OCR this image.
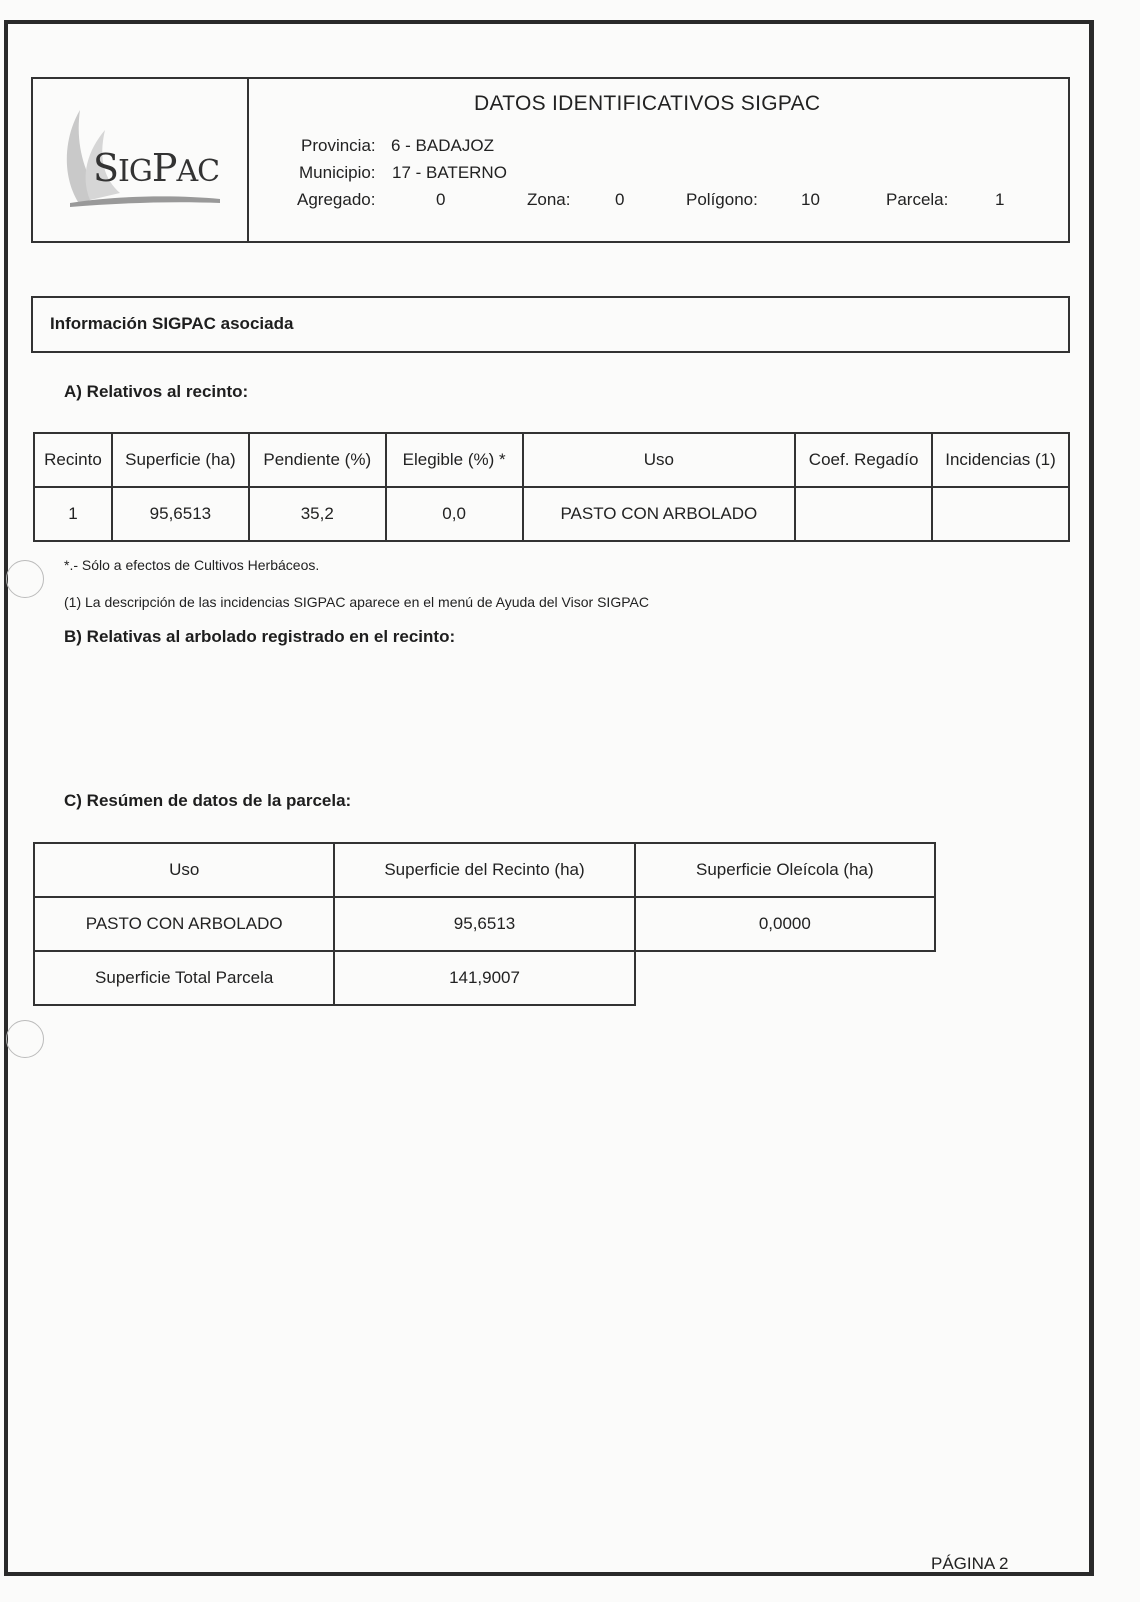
SIGPAC
DATOS IDENTIFICATIVOS SIGPAC
Provincia: 6 - BADAJOZ
Municipio: 17 - BATERNO
Agregado:	0	Zona:	0	Polígono:	10	Parcela:	1
Información SIGPAC asociada
A) Relativos al recinto:
Recinto	Superficie (ha)	Pendiente (%)	Elegible (%) *	Uso	Coef. Regadío	Incidencias (1)
1	95,6513	35,2	0,0	PASTO CON ARBOLADO		
*.- Sólo a efectos de Cultivos Herbáceos.
(1) La descripción de las incidencias SIGPAC aparece en el menú de Ayuda del Visor SIGPAC
B) Relativas al arbolado registrado en el recinto:
C) Resúmen de datos de la parcela:
Uso	Superficie del Recinto (ha)	Superficie Oleícola (ha)
PASTO CON ARBOLADO	95,6513	0,0000
Superficie Total Parcela	141,9007	
PÁGINA 2
